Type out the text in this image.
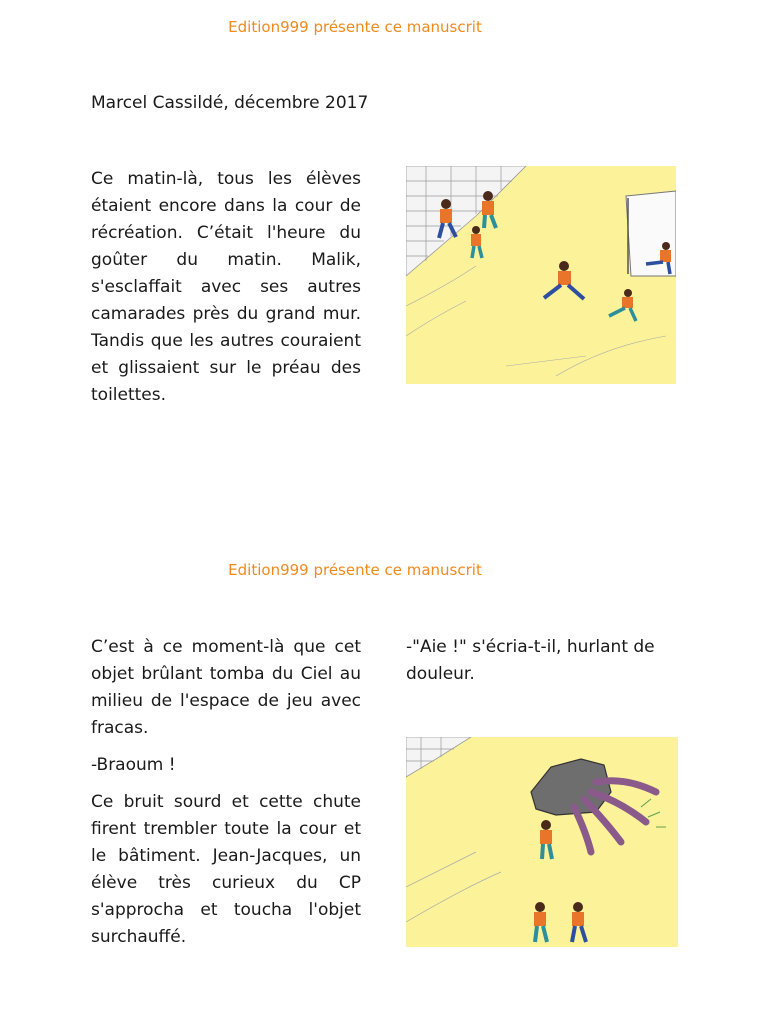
Edition999 présente ce manuscrit
Marcel Cassildé, décembre 2017

Ce matin-là, tous les élèves étaient encore dans la cour de récréation. C’était l'heure du goûter du matin. Malik, s'esclaffait avec ses autres camarades près du grand mur. Tandis que les autres couraient et glissaient sur le préau des toilettes.

Edition999 présente ce manuscrit

C’est à ce moment-là que cet objet brûlant tomba du Ciel au milieu de l'espace de jeu avec fracas.

-Braoum !

Ce bruit sourd et cette chute firent trembler toute la cour et le bâtiment. Jean-Jacques, un élève très curieux du CP s'approcha et toucha l'objet surchauffé.

-"Aie !" s'écria-t-il, hurlant de douleur.
